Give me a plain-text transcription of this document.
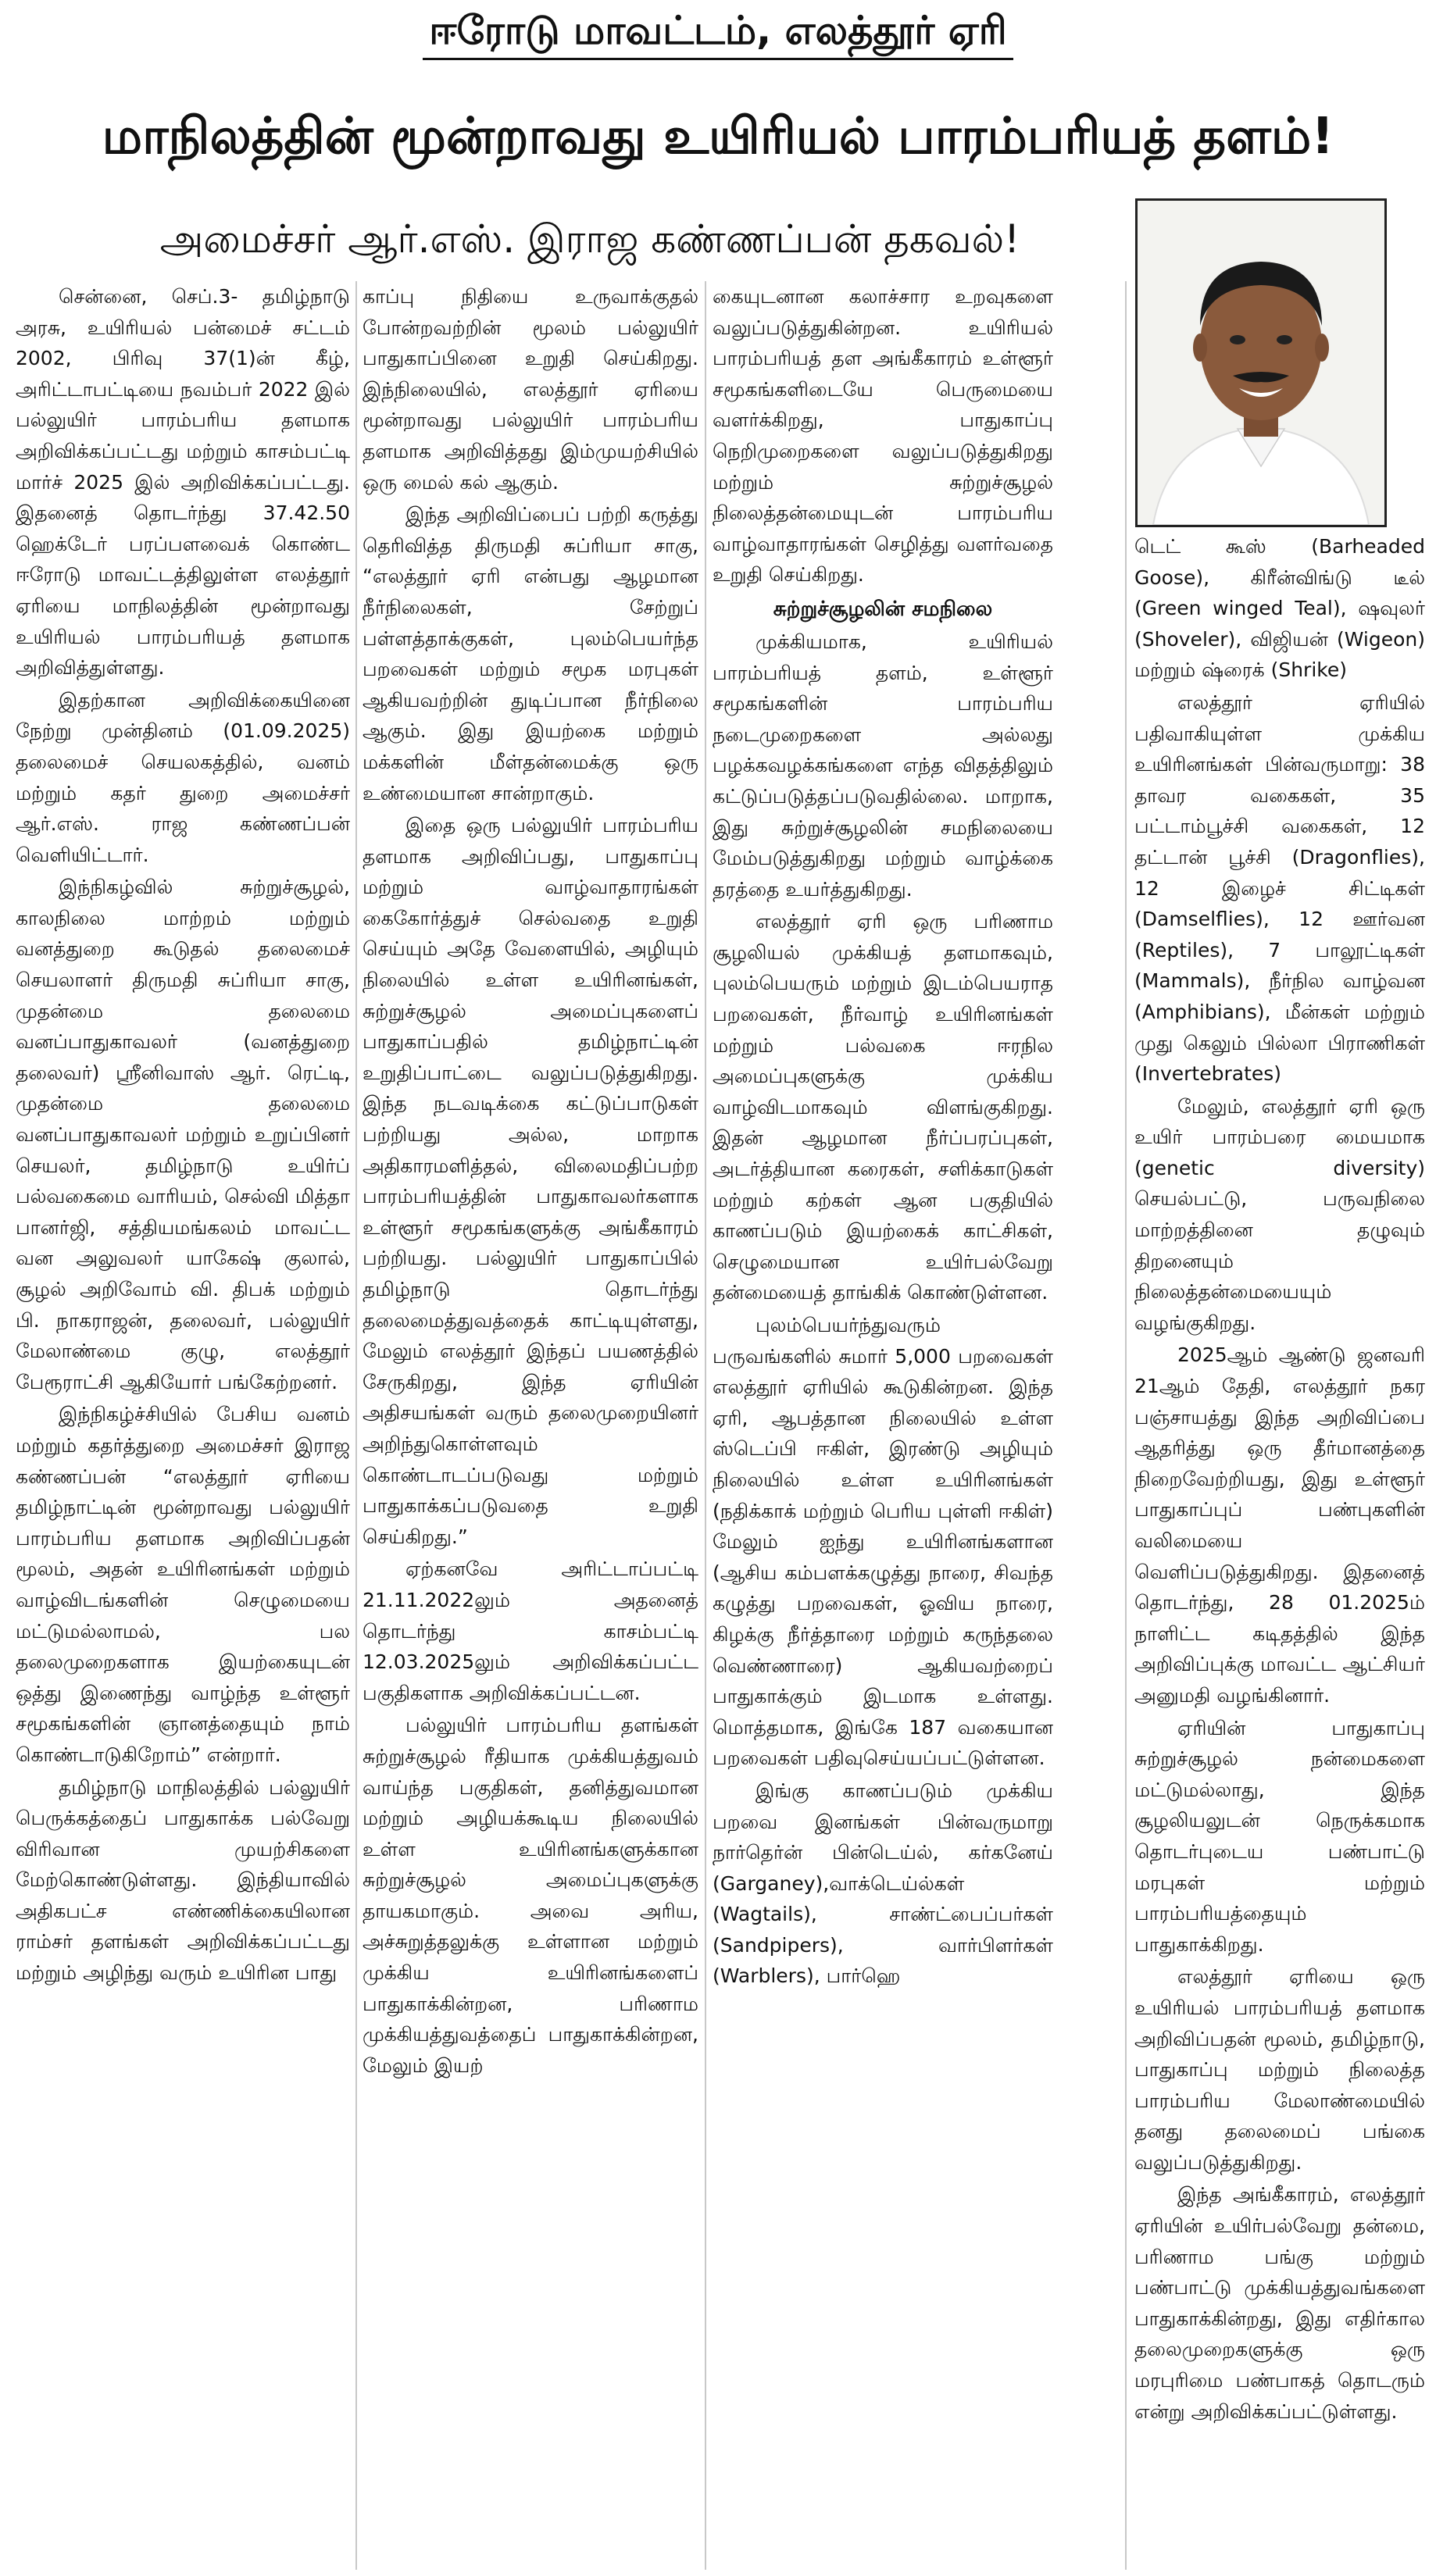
ஈரோடு மாவட்டம், எலத்தூர் ஏரி
மாநிலத்தின் மூன்றாவது உயிரியல் பாரம்பரியத் தளம்!
அமைச்சர் ஆர்.எஸ். இராஜ கண்ணப்பன் தகவல்!

சென்னை, செப்.3- தமிழ்நாடு அரசு, உயிரியல் பன்மைச் சட்டம் 2002, பிரிவு 37(1)ன் கீழ், அரிட்டாபட்டியை நவம்பர் 2022 இல் பல்லுயிர் பாரம்பரிய தளமாக அறிவிக்கப்பட்டது மற்றும் காசம்பட்டி மார்ச் 2025 இல் அறிவிக்கப்பட்டது. இதனைத் தொடர்ந்து 37.42.50 ஹெக்டேர் பரப்பளவைக் கொண்ட ஈரோடு மாவட்டத்திலுள்ள எலத்தூர் ஏரியை மாநிலத்தின் மூன்றாவது உயிரியல் பாரம்பரியத் தளமாக அறிவித்துள்ளது.

இதற்கான அறிவிக்கையினை நேற்று முன்தினம் (01.09.2025) தலைமைச் செயலகத்தில், வனம் மற்றும் கதர் துறை அமைச்சர் ஆர்.எஸ். ராஜ கண்ணப்பன் வெளியிட்டார்.

இந்நிகழ்வில் சுற்றுச்சூழல், காலநிலை மாற்றம் மற்றும் வனத்துறை கூடுதல் தலைமைச் செயலாளர் திருமதி சுப்ரியா சாகு, முதன்மை தலைமை வனப்பாதுகாவலர் (வனத்துறை தலைவர்) ஸ்ரீனிவாஸ் ஆர். ரெட்டி, முதன்மை தலைமை வனப்பாதுகாவலர் மற்றும் உறுப்பினர் செயலர், தமிழ்நாடு உயிர்ப் பல்வகைமை வாரியம், செல்வி மித்தா பானர்ஜி, சத்தியமங்கலம் மாவட்ட வன அலுவலர் யாகேஷ் குலால், சூழல் அறிவோம் வி. திபக் மற்றும் பி. நாகராஜன், தலைவர், பல்லுயிர் மேலாண்மை குழு, எலத்தூர் பேரூராட்சி ஆகியோர் பங்கேற்றனர்.

இந்நிகழ்ச்சியில் பேசிய வனம் மற்றும் கதர்த்துறை அமைச்சர் இராஜ கண்ணப்பன் “எலத்தூர் ஏரியை தமிழ்நாட்டின் மூன்றாவது பல்லுயிர் பாரம்பரிய தளமாக அறிவிப்பதன் மூலம், அதன் உயிரினங்கள் மற்றும் வாழ்விடங்களின் செழுமையை மட்டுமல்லாமல், பல தலைமுறைகளாக இயற்கையுடன் ஒத்து இணைந்து வாழ்ந்த உள்ளூர் சமூகங்களின் ஞானத்தையும் நாம் கொண்டாடுகிறோம்” என்றார்.

தமிழ்நாடு மாநிலத்தில் பல்லுயிர் பெருக்கத்தைப் பாதுகாக்க பல்வேறு விரிவான முயற்சிகளை மேற்கொண்டுள்ளது. இந்தியாவில் அதிகபட்ச எண்ணிக்கையிலான ராம்சர் தளங்கள் அறிவிக்கப்பட்டது மற்றும் அழிந்து வரும் உயிரின பாது

காப்பு நிதியை உருவாக்குதல் போன்றவற்றின் மூலம் பல்லுயிர் பாதுகாப்பினை உறுதி செய்கிறது. இந்நிலையில், எலத்தூர் ஏரியை மூன்றாவது பல்லுயிர் பாரம்பரிய தளமாக அறிவித்தது இம்முயற்சியில் ஒரு மைல் கல் ஆகும்.

இந்த அறிவிப்பைப் பற்றி கருத்து தெரிவித்த திருமதி சுப்ரியா சாகு, “எலத்தூர் ஏரி என்பது ஆழமான நீர்நிலைகள், சேற்றுப் பள்ளத்தாக்குகள், புலம்பெயர்ந்த பறவைகள் மற்றும் சமூக மரபுகள் ஆகியவற்றின் துடிப்பான நீர்நிலை ஆகும். இது இயற்கை மற்றும் மக்களின் மீள்தன்மைக்கு ஒரு உண்மையான சான்றாகும்.

இதை ஒரு பல்லுயிர் பாரம்பரிய தளமாக அறிவிப்பது, பாதுகாப்பு மற்றும் வாழ்வாதாரங்கள் கைகோர்த்துச் செல்வதை உறுதி செய்யும் அதே வேளையில், அழியும் நிலையில் உள்ள உயிரினங்கள், சுற்றுச்சூழல் அமைப்புகளைப் பாதுகாப்பதில் தமிழ்நாட்டின் உறுதிப்பாட்டை வலுப்படுத்துகிறது. இந்த நடவடிக்கை கட்டுப்பாடுகள் பற்றியது அல்ல, மாறாக அதிகாரமளித்தல், விலைமதிப்பற்ற பாரம்பரியத்தின் பாதுகாவலர்களாக உள்ளூர் சமூகங்களுக்கு அங்கீகாரம் பற்றியது. பல்லுயிர் பாதுகாப்பில் தமிழ்நாடு தொடர்ந்து தலைமைத்துவத்தைக் காட்டியுள்ளது, மேலும் எலத்தூர் இந்தப் பயணத்தில் சேருகிறது, இந்த ஏரியின் அதிசயங்கள் வரும் தலைமுறையினர் அறிந்துகொள்ளவும் கொண்டாடப்படுவது மற்றும் பாதுகாக்கப்படுவதை உறுதி செய்கிறது.”

ஏற்கனவே அரிட்டாப்பட்டி 21.11.2022லும் அதனைத் தொடர்ந்து காசம்பட்டி 12.03.2025லும் அறிவிக்கப்பட்ட பகுதிகளாக அறிவிக்கப்பட்டன.

பல்லுயிர் பாரம்பரிய தளங்கள் சுற்றுச்சூழல் ரீதியாக முக்கியத்துவம் வாய்ந்த பகுதிகள், தனித்துவமான மற்றும் அழியக்கூடிய நிலையில் உள்ள உயிரினங்களுக்கான சுற்றுச்சூழல் அமைப்புகளுக்கு தாயகமாகும். அவை அரிய, அச்சுறுத்தலுக்கு உள்ளான மற்றும் முக்கிய உயிரினங்களைப் பாதுகாக்கின்றன, பரிணாம முக்கியத்துவத்தைப் பாதுகாக்கின்றன, மேலும் இயற்

கையுடனான கலாச்சார உறவுகளை வலுப்படுத்துகின்றன. உயிரியல் பாரம்பரியத் தள அங்கீகாரம் உள்ளூர் சமூகங்களிடையே பெருமையை வளர்க்கிறது, பாதுகாப்பு நெறிமுறைகளை வலுப்படுத்துகிறது மற்றும் சுற்றுச்சூழல் நிலைத்தன்மையுடன் பாரம்பரிய வாழ்வாதாரங்கள் செழித்து வளர்வதை உறுதி செய்கிறது.

சுற்றுச்சூழலின் சமநிலை

முக்கியமாக, உயிரியல் பாரம்பரியத் தளம், உள்ளூர் சமூகங்களின் பாரம்பரிய நடைமுறைகளை அல்லது பழக்கவழக்கங்களை எந்த விதத்திலும் கட்டுப்படுத்தப்படுவதில்லை. மாறாக, இது சுற்றுச்சூழலின் சமநிலையை மேம்படுத்துகிறது மற்றும் வாழ்க்கை தரத்தை உயர்த்துகிறது.

எலத்தூர் ஏரி ஒரு பரிணாம சூழலியல் முக்கியத் தளமாகவும், புலம்பெயரும் மற்றும் இடம்பெயராத பறவைகள், நீர்வாழ் உயிரினங்கள் மற்றும் பல்வகை ஈரநில அமைப்புகளுக்கு முக்கிய வாழ்விடமாகவும் விளங்குகிறது. இதன் ஆழமான நீர்ப்பரப்புகள், அடர்த்தியான கரைகள், சளிக்காடுகள் மற்றும் கற்கள் ஆன பகுதியில் காணப்படும் இயற்கைக் காட்சிகள், செழுமையான உயிர்பல்வேறு தன்மையைத் தாங்கிக் கொண்டுள்ளன.

புலம்பெயர்ந்துவரும் பருவங்களில் சுமார் 5,000 பறவைகள் எலத்தூர் ஏரியில் கூடுகின்றன. இந்த ஏரி, ஆபத்தான நிலையில் உள்ள ஸ்டெப்பி ஈகிள், இரண்டு அழியும் நிலையில் உள்ள உயிரினங்கள் (நதிக்காக் மற்றும் பெரிய புள்ளி ஈகிள்) மேலும் ஐந்து உயிரினங்களான (ஆசிய கம்பளக்கழுத்து நாரை, சிவந்த கழுத்து பறவைகள், ஓவிய நாரை, கிழக்கு நீர்த்தாரை மற்றும் கருந்தலை வெண்ணாரை) ஆகியவற்றைப் பாதுகாக்கும் இடமாக உள்ளது. மொத்தமாக, இங்கே 187 வகையான பறவைகள் பதிவுசெய்யப்பட்டுள்ளன.

இங்கு காணப்படும் முக்கிய பறவை இனங்கள் பின்வருமாறு நார்தெர்ன் பின்டெய்ல், கர்கனேய் (Garganey),வாக்டெய்ல்கள் (Wagtails), சாண்ட்பைப்பர்கள் (Sandpipers), வார்பிளர்கள் (Warblers), பார்ஹெ

டெட் கூஸ் (Barheaded Goose), கிரீன்விங்டு டீல் (Green winged Teal), ஷவுலர் (Shoveler), விஜியன் (Wigeon) மற்றும் ஷ்ரைக் (Shrike)

எலத்தூர் ஏரியில் பதிவாகியுள்ள முக்கிய உயிரினங்கள் பின்வருமாறு: 38 தாவர வகைகள், 35 பட்டாம்பூச்சி வகைகள், 12 தட்டான் பூச்சி (Dragonflies), 12 இழைச் சிட்டிகள் (Damselflies), 12 ஊர்வன (Reptiles), 7 பாலூட்டிகள் (Mammals), நீர்நில வாழ்வன (Amphibians), மீன்கள் மற்றும் முது கெலும் பில்லா பிராணிகள் (Invertebrates)

மேலும், எலத்தூர் ஏரி ஒரு உயிர் பாரம்பரை மையமாக (genetic diversity) செயல்பட்டு, பருவநிலை மாற்றத்தினை தழுவும் திறனையும் நிலைத்தன்மையையும் வழங்குகிறது.

2025ஆம் ஆண்டு ஜனவரி 21ஆம் தேதி, எலத்தூர் நகர பஞ்சாயத்து இந்த அறிவிப்பை ஆதரித்து ஒரு தீர்மானத்தை நிறைவேற்றியது, இது உள்ளூர் பாதுகாப்புப் பண்புகளின் வலிமையை வெளிப்படுத்துகிறது. இதனைத் தொடர்ந்து, 28 01.2025ம் நாளிட்ட கடிதத்தில் இந்த அறிவிப்புக்கு மாவட்ட ஆட்சியர் அனுமதி வழங்கினார்.

ஏரியின் பாதுகாப்பு சுற்றுச்சூழல் நன்மைகளை மட்டுமல்லாது, இந்த சூழலியலுடன் நெருக்கமாக தொடர்புடைய பண்பாட்டு மரபுகள் மற்றும் பாரம்பரியத்தையும் பாதுகாக்கிறது.

எலத்தூர் ஏரியை ஒரு உயிரியல் பாரம்பரியத் தளமாக அறிவிப்பதன் மூலம், தமிழ்நாடு, பாதுகாப்பு மற்றும் நிலைத்த பாரம்பரிய மேலாண்மையில் தனது தலைமைப் பங்கை வலுப்படுத்துகிறது.

இந்த அங்கீகாரம், எலத்தூர் ஏரியின் உயிர்பல்வேறு தன்மை, பரிணாம பங்கு மற்றும் பண்பாட்டு முக்கியத்துவங்களை பாதுகாக்கின்றது, இது எதிர்கால தலைமுறைகளுக்கு ஒரு மரபுரிமை பண்பாகத் தொடரும் என்று அறிவிக்கப்பட்டுள்ளது.
